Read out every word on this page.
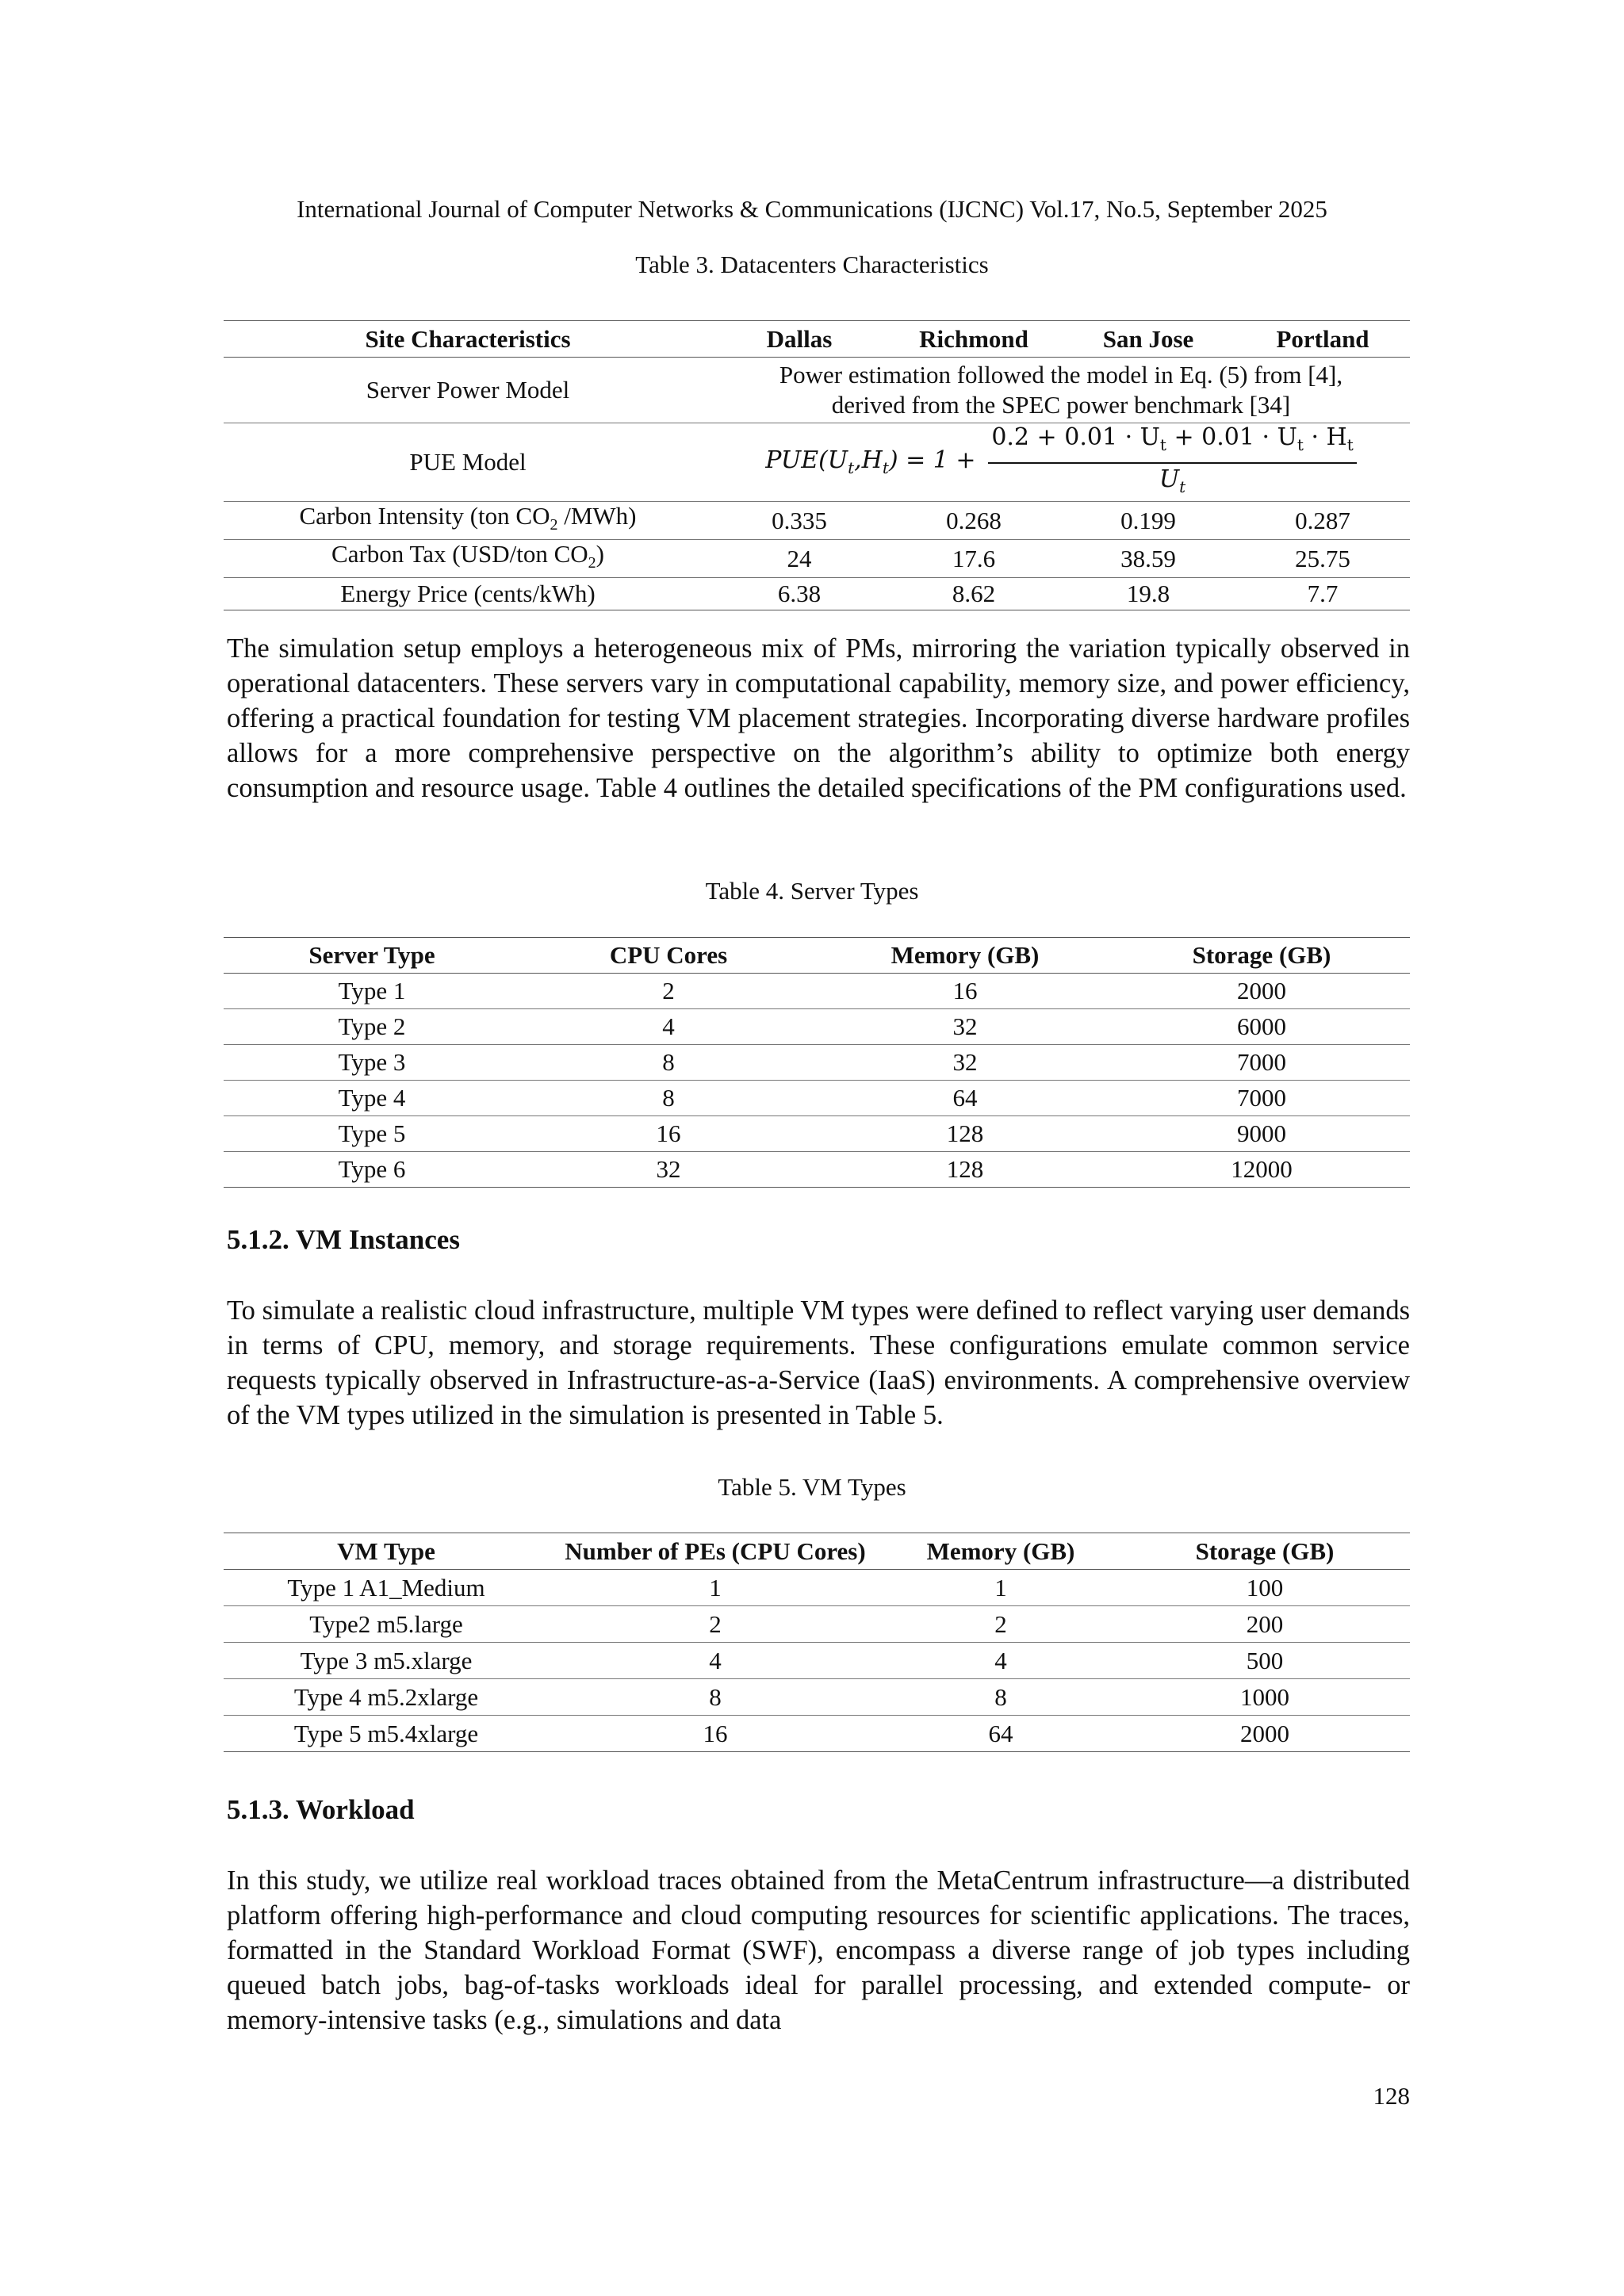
International Journal of Computer Networks & Communications (IJCNC) Vol.17, No.5, September 2025
Table 3. Datacenters Characteristics
Site Characteristics	Dallas	Richmond	San Jose	Portland
Server Power Model	Power estimation followed the model in Eq. (5) from [4],
derived from the SPEC power benchmark [34]			

PUE Model	$PUE(U_t,H_t) = 1 + \frac{0.2 + 0.01 \cdot U_t + 0.01 \cdot U_t \cdot H_t}{U_t}$

Carbon Intensity (ton $CO_2$ /MWh)	0.335	0.268	0.199	0.287
Carbon Tax (USD/ton $CO_2$)	24	17.6	38.59	25.75
Energy Price (cents/kWh)	6.38	8.62	19.8	7.7
The simulation setup employs a heterogeneous mix of PMs, mirroring the variation typically observed in operational datacenters. These servers vary in computational capability, memory size, and power efficiency, offering a practical foundation for testing VM placement strategies. Incorporating diverse hardware profiles allows for a more comprehensive perspective on the algorithm’s ability to optimize both energy consumption and resource usage. Table 4 outlines the detailed specifications of the PM configurations used.
Table 4. Server Types
Server Type	CPU Cores	Memory (GB)	Storage (GB)
Type 1	2	16	2000
Type 2	4	32	6000
Type 3	8	32	7000
Type 4	8	64	7000
Type 5	16	128	9000
Type 6	32	128	12000
5.1.2. VM Instances
To simulate a realistic cloud infrastructure, multiple VM types were defined to reflect varying user demands in terms of CPU, memory, and storage requirements. These configurations emulate common service requests typically observed in Infrastructure-as-a-Service (IaaS) environments. A comprehensive overview of the VM types utilized in the simulation is presented in Table 5.
Table 5. VM Types
VM Type	Number of PEs (CPU Cores)	Memory (GB)	Storage (GB)
Type 1 A1_Medium	1	1	100
Type2 m5.large	2	2	200
Type 3 m5.xlarge	4	4	500
Type 4 m5.2xlarge	8	8	1000
Type 5 m5.4xlarge	16	64	2000
5.1.3. Workload
In this study, we utilize real workload traces obtained from the MetaCentrum infrastructure—a distributed platform offering high-performance and cloud computing resources for scientific applications. The traces, formatted in the Standard Workload Format (SWF), encompass a diverse range of job types including queued batch jobs, bag-of-tasks workloads ideal for parallel processing, and extended compute- or memory-intensive tasks (e.g., simulations and data
128
